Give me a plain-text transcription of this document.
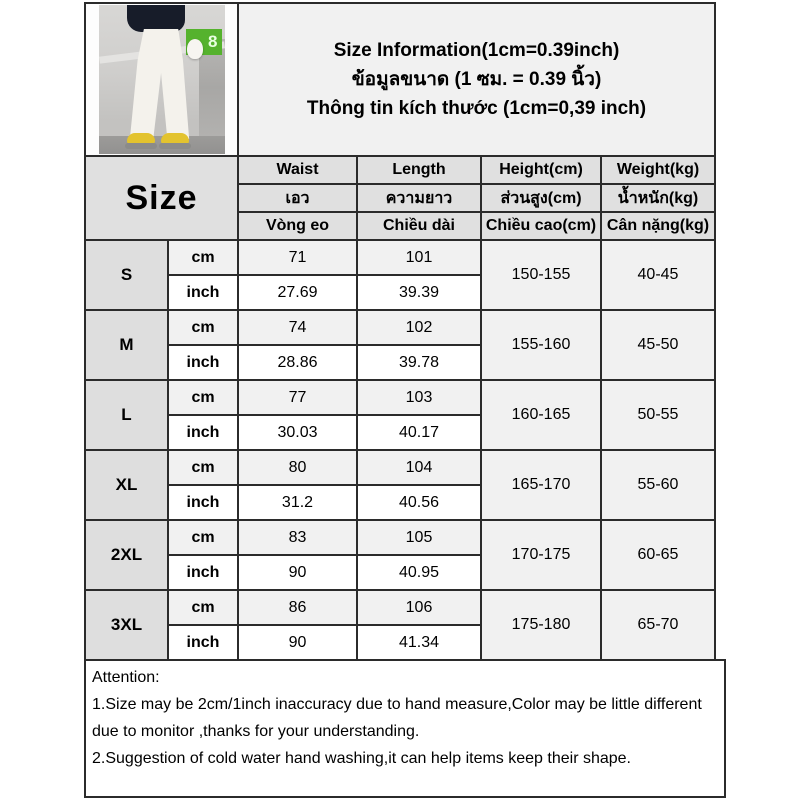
8		Size Information(1cm=0.39inch)
ข้อมูลขนาด (1 ซม. = 0.39 นิ้ว)
Thông tin kích thước (1cm=0,39 inch)			

Size		Waist	Length	Height(cm)	Weight(kg)
		เอว	ความยาว	ส่วนสูง(cm)	น้ำหนัก(kg)
		Vòng eo	Chiều dài	Chiều cao(cm)	Cân nặng(kg)
S	cm	71	101	150-155	40-45
	inch	27.69	39.39		
M	cm	74	102	155-160	45-50
	inch	28.86	39.78		
L	cm	77	103	160-165	50-55
	inch	30.03	40.17		
XL	cm	80	104	165-170	55-60
	inch	31.2	40.56		
2XL	cm	83	105	170-175	60-65
	inch	90	40.95		
3XL	cm	86	106	175-180	65-70
	inch	90	41.34		
Attention:
1.Size may be 2cm/1inch inaccuracy due to hand measure,Color may be little different due to monitor ,thanks for your understanding.
2.Suggestion of cold water hand washing,it can help items keep their shape.
